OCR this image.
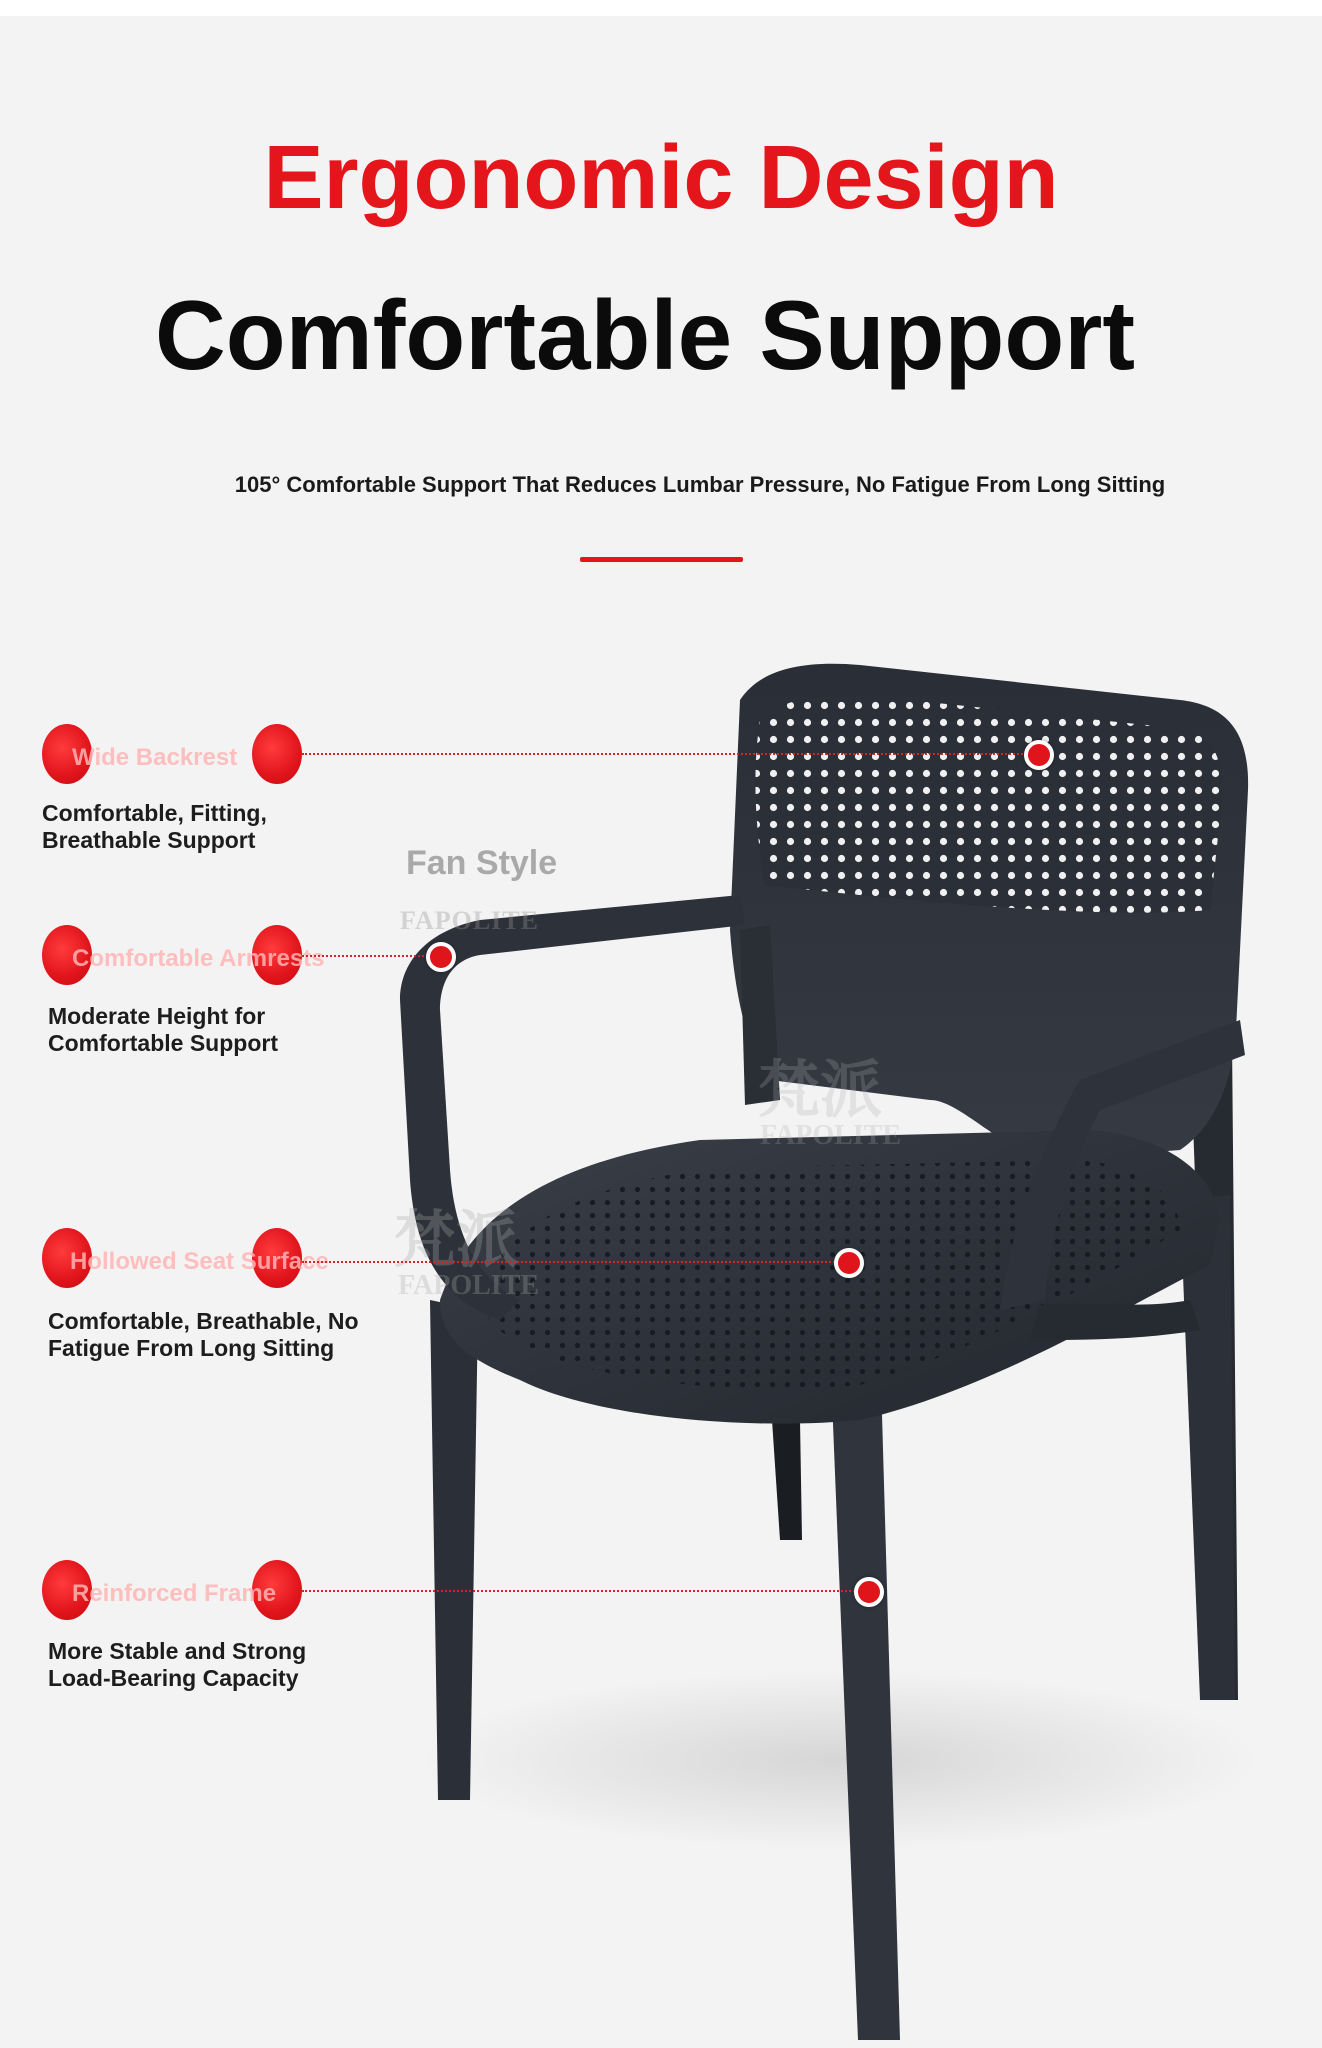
Ergonomic Design
Comfortable Support
105° Comfortable Support That Reduces Lumbar Pressure, No Fatigue From Long Sitting
Fan Style
FAPOLITE
梵派
FAPOLITE
梵派
FAPOLITE
Wide Backrest
Comfortable, Fitting,
Breathable Support
Comfortable Armrests
Moderate Height for
Comfortable Support
Hollowed Seat Surface
Comfortable, Breathable, No
Fatigue From Long Sitting
Reinforced Frame
More Stable and Strong
Load-Bearing Capacity
